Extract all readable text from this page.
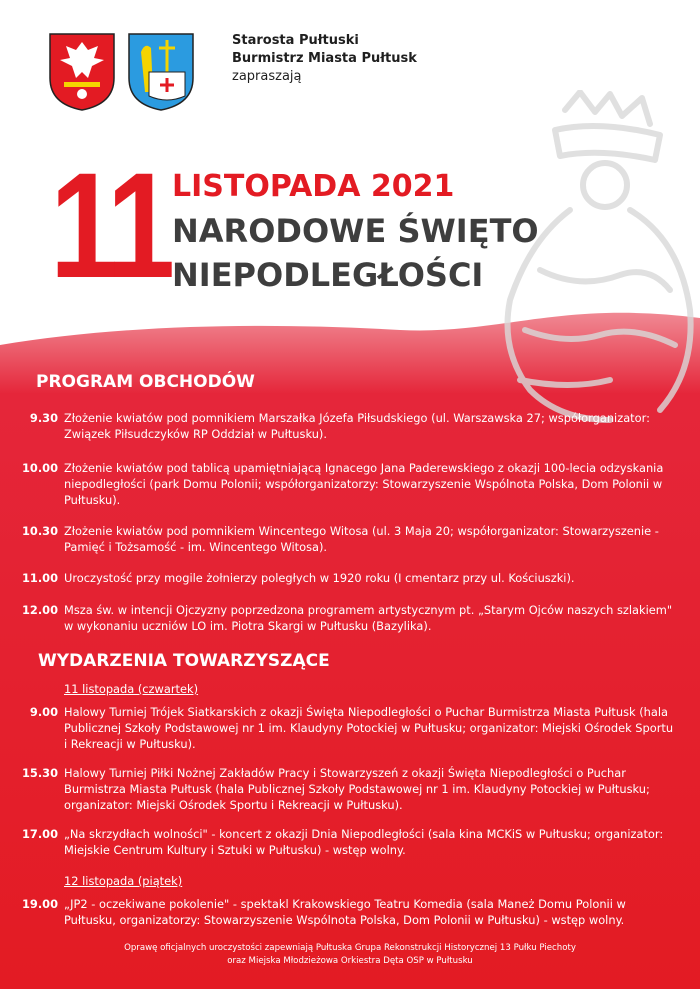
Starosta Pułtuski
Burmistrz Miasta Pułtusk
zapraszają
11 LISTOPADA 2021
NARODOWE ŚWIĘTO
NIEPODLEGŁOŚCI
PROGRAM OBCHODÓW
9.30 Złożenie kwiatów pod pomnikiem Marszałka Józefa Piłsudskiego (ul. Warszawska 27; współorganizator: Związek Piłsudczyków RP Oddział w Pułtusku).
10.00 Złożenie kwiatów pod tablicą upamiętniającą Ignacego Jana Paderewskiego z okazji 100-lecia odzyskania niepodległości (park Domu Polonii; współorganizatorzy: Stowarzyszenie Wspólnota Polska, Dom Polonii w Pułtusku).
10.30 Złożenie kwiatów pod pomnikiem Wincentego Witosa (ul. 3 Maja 20; współorganizator: Stowarzyszenie - Pamięć i Tożsamość - im. Wincentego Witosa).
11.00 Uroczystość przy mogile żołnierzy poległych w 1920 roku (I cmentarz przy ul. Kościuszki).
12.00 Msza św. w intencji Ojczyzny poprzedzona programem artystycznym pt. „Starym Ojców naszych szlakiem" w wykonaniu uczniów LO im. Piotra Skargi w Pułtusku (Bazylika).
WYDARZENIA TOWARZYSZĄCE
11 listopada (czwartek)
9.00 Halowy Turniej Trójek Siatkarskich z okazji Święta Niepodległości o Puchar Burmistrza Miasta Pułtusk (hala Publicznej Szkoły Podstawowej nr 1 im. Klaudyny Potockiej w Pułtusku; organizator: Miejski Ośrodek Sportu i Rekreacji w Pułtusku).
15.30 Halowy Turniej Piłki Nożnej Zakładów Pracy i Stowarzyszeń z okazji Święta Niepodległości o Puchar Burmistrza Miasta Pułtusk (hala Publicznej Szkoły Podstawowej nr 1 im. Klaudyny Potockiej w Pułtusku; organizator: Miejski Ośrodek Sportu i Rekreacji w Pułtusku).
17.00 „Na skrzydłach wolności" - koncert z okazji Dnia Niepodległości (sala kina MCKiS w Pułtusku; organizator: Miejskie Centrum Kultury i Sztuki w Pułtusku) - wstęp wolny.
12 listopada (piątek)
19.00 „JP2 - oczekiwane pokolenie" - spektakl Krakowskiego Teatru Komedia (sala Maneż Domu Polonii w Pułtusku, organizatorzy: Stowarzyszenie Wspólnota Polska, Dom Polonii w Pułtusku) - wstęp wolny.
Oprawę oficjalnych uroczystości zapewniają Pułtuska Grupa Rekonstrukcji Historycznej 13 Pułku Piechoty
oraz Miejska Młodzieżowa Orkiestra Dęta OSP w Pułtusku
